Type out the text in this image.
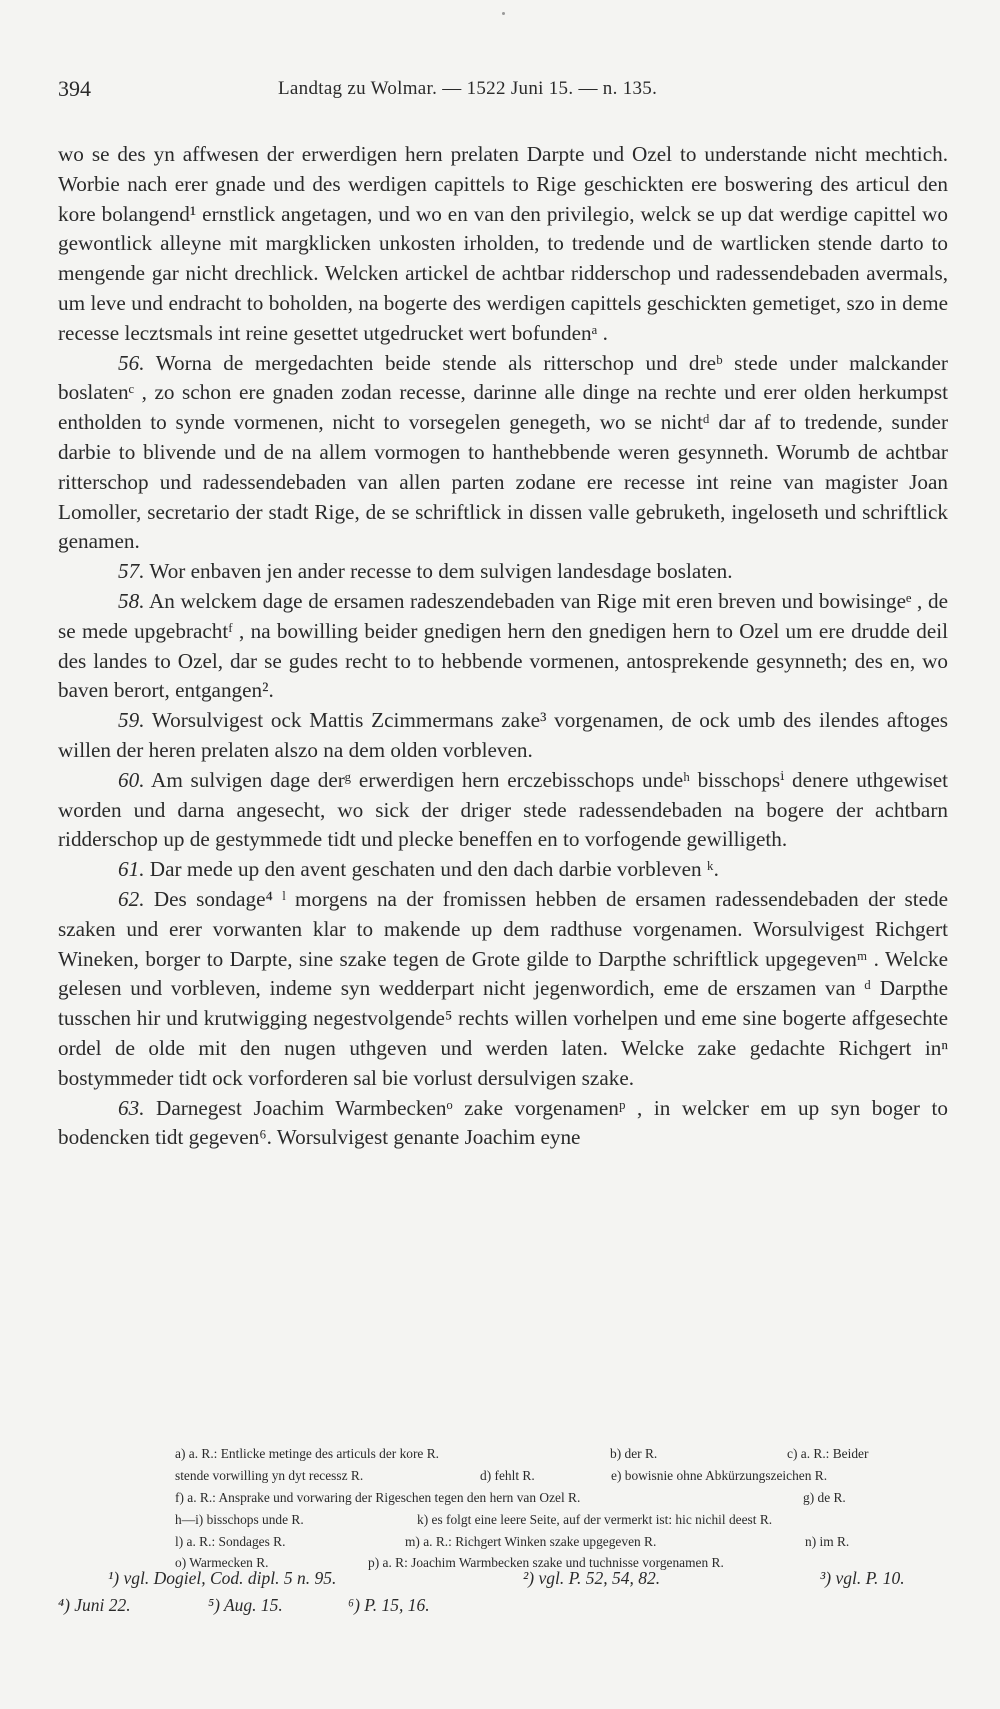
394	Landtag zu Wolmar. — 1522 Juni 15. — n. 135.

wo se des yn affwesen der erwerdigen hern prelaten Darpte und Ozel to understande nicht mechtich. Worbie nach erer gnade und des werdigen capittels to Rige geschickten ere boswering des articul den kore bolangend¹ ernstlick angetagen, und wo en van den privilegio, welck se up dat werdige capittel wo gewontlick alleyne mit margklicken unkosten irholden, to tredende und de wartlicken stende darto to mengende gar nicht drechlick. Welcken artickel de achtbar ridderschop und radessendebaden avermals, um leve und endracht to boholden, na bogerte des werdigen capittels geschickten gemetiget, szo in deme recesse lecztsmals int reine gesettet utgedrucket wert bofundenᵃ .

56. Worna de mergedachten beide stende als ritterschop und dreᵇ stede under malckander boslatenᶜ , zo schon ere gnaden zodan recesse, darinne alle dinge na rechte und erer olden herkumpst entholden to synde vormenen, nicht to vorsegelen genegeth, wo se nichtᵈ dar af to tredende, sunder darbie to blivende und de na allem vormogen to hanthebbende weren gesynneth. Worumb de achtbar ritterschop und radessendebaden van allen parten zodane ere recesse int reine van magister Joan Lomoller, secretario der stadt Rige, de se schriftlick in dissen valle gebruketh, ingeloseth und schriftlick genamen.

57. Wor enbaven jen ander recesse to dem sulvigen landesdage boslaten.

58. An welckem dage de ersamen radeszendebaden van Rige mit eren breven und bowisingeᵉ , de se mede upgebrachtᶠ , na bowilling beider gnedigen hern den gnedigen hern to Ozel um ere drudde deil des landes to Ozel, dar se gudes recht to to hebbende vormenen, antosprekende gesynneth; des en, wo baven berort, entgangen².

59. Worsulvigest ock Mattis Zcimmermans zake³ vorgenamen, de ock umb des ilendes aftoges willen der heren prelaten alszo na dem olden vorbleven.

60. Am sulvigen dage derᵍ erwerdigen hern erczebisschops undeʰ bisschopsⁱ denere uthgewiset worden und darna angesecht, wo sick der driger stede radessendebaden na bogere der achtbarn ridderschop up de gestymmede tidt und plecke beneffen en to vorfogende gewilligeth.

61. Dar mede up den avent geschaten und den dach darbie vorbleven ᵏ.

62. Des sondage⁴ ˡ morgens na der fromissen hebben de ersamen radessendebaden der stede szaken und erer vorwanten klar to makende up dem radthuse vorgenamen. Worsulvigest Richgert Wineken, borger to Darpte, sine szake tegen de Grote gilde to Darpthe schriftlick upgegevenᵐ . Welcke gelesen und vorbleven, indeme syn wedderpart nicht jegenwordich, eme de erszamen van ᵈ Darpthe tusschen hir und krutwigging negestvolgende⁵ rechts willen vorhelpen und eme sine bogerte affgesechte ordel de olde mit den nugen uthgeven und werden laten. Welcke zake gedachte Richgert inⁿ bostymmeder tidt ock vorforderen sal bie vorlust dersulvigen szake.

63. Darnegest Joachim Warmbeckenᵒ zake vorgenamenᵖ , in welcker em up syn boger to bodencken tidt gegeven⁶. Worsulvigest genante Joachim eyne

a) a. R.: Entlicke metinge des articuls der kore R.	b) der R.	c) a. R.: Beider
stende vorwilling yn dyt recessz R.	d) fehlt R.	e) bowisnie ohne Abkürzungszeichen R.
f) a. R.: Ansprake und vorwaring der Rigeschen tegen den hern van Ozel R.	g) de R.
h—i) bisschops unde R.	k) es folgt eine leere Seite, auf der vermerkt ist: hic nichil deest R.
l) a. R.: Sondages R.	m) a. R.: Richgert Winken szake upgegeven R.	n) im R.
o) Warmecken R.	p) a. R: Joachim Warmbecken szake und tuchnisse vorgenamen R.
¹) vgl. Dogiel, Cod. dipl. 5 n. 95.	²) vgl. P. 52, 54, 82.	³) vgl. P. 10.
⁴) Juni 22.	⁵) Aug. 15.	⁶) P. 15, 16.
